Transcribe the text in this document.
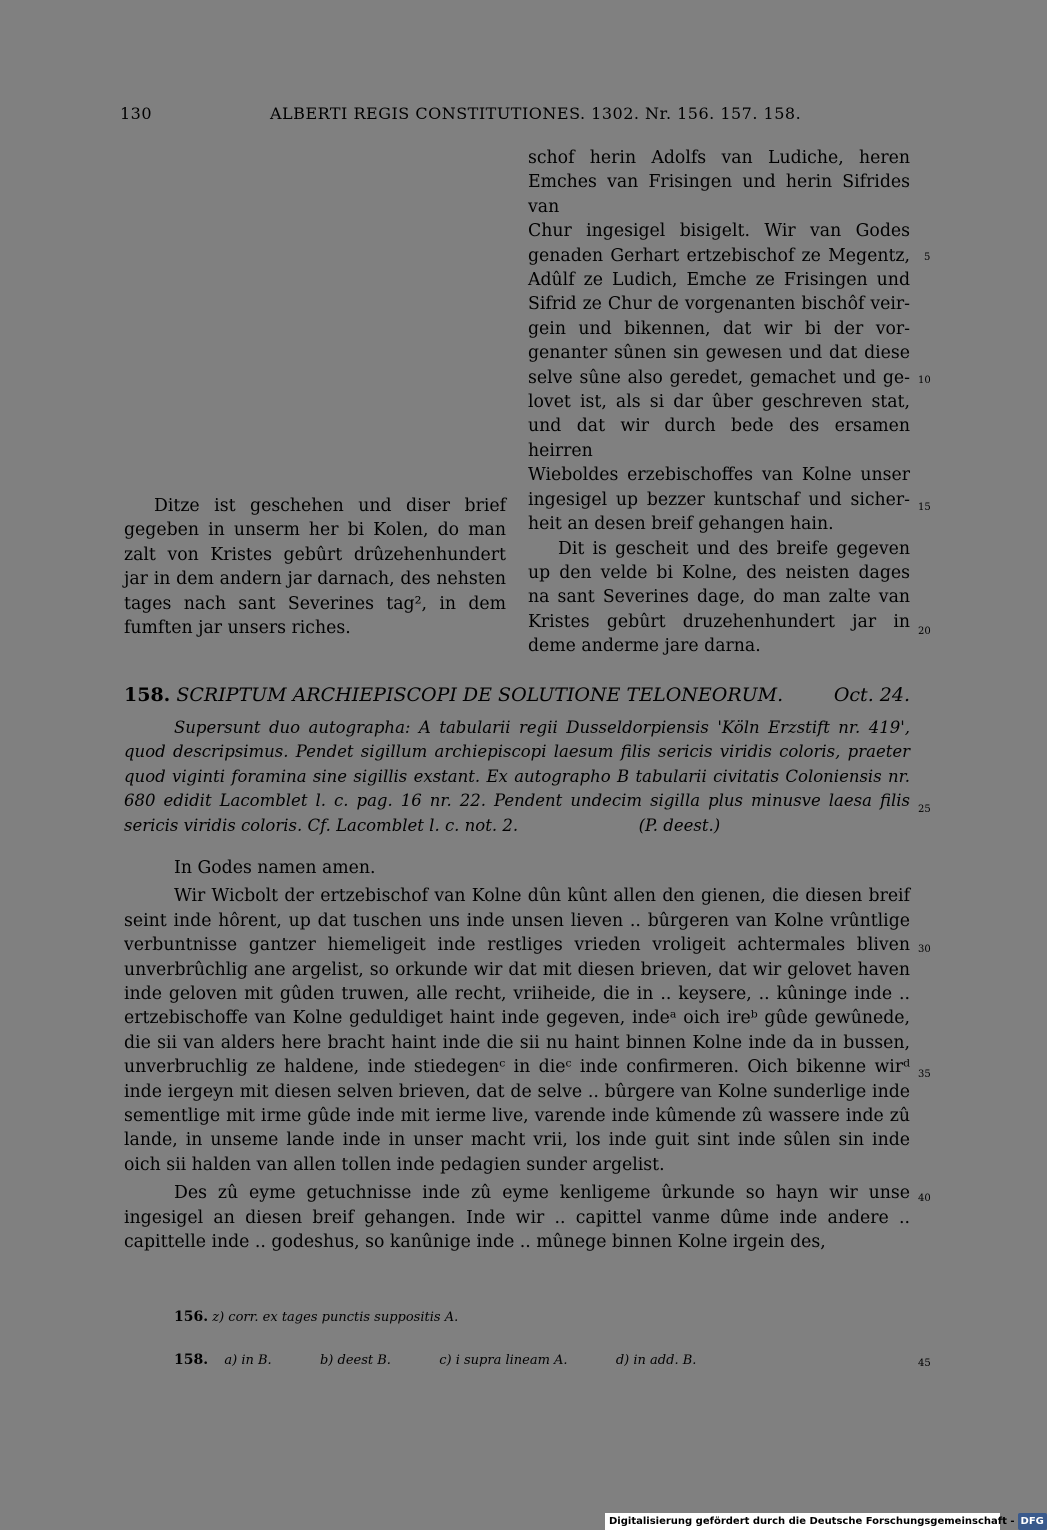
130	ALBERTI REGIS CONSTITUTIONES. 1302. Nr. 156. 157. 158.
schof herin Adolfs van Ludiche, heren
Emches van Frisingen und herin Sifrides van
Chur ingesigel bisigelt. Wir van Godes
genaden Gerhart ertzebischof ze Megentz,
Adûlf ze Ludich, Emche ze Frisingen und
Sifrid ze Chur de vorgenanten bischôf veir-
gein und bikennen, dat wir bi der vor-
genanter sûnen sin gewesen und dat diese
selve sûne also geredet, gemachet und ge-
lovet ist, als si dar ûber geschreven stat,
und dat wir durch bede des ersamen heirren
Wieboldes erzebischoffes van Kolne unser
ingesigel up bezzer kuntschaf und sicher-
heit an desen breif gehangen hain.

Dit is gescheit und des breife gegeven up den velde bi Kolne, des neisten dages na sant Severines dage, do man zalte van Kristes gebûrt druzehenhundert jar in deme anderme jare darna.

Ditze ist geschehen und diser brief gegeben in unserm her bi Kolen, do man zalt von Kristes gebûrt drûzehenhundert jar in dem andern jar darnach, des nehsten tages nach sant Severines tag², in dem fumften jar unsers riches.

5
10
15
20
25
30
35
40
45
158. SCRIPTUM ARCHIEPISCOPI DE SOLUTIONE TELONEORUM.	Oct. 24.

Supersunt duo autographa: A tabularii regii Dusseldorpiensis 'Köln Erzstift nr. 419', quod descripsimus. Pendet sigillum archiepiscopi laesum filis sericis viridis coloris, praeter quod viginti foramina sine sigillis exstant. Ex autographo B tabularii civitatis Coloniensis nr. 680 edidit Lacomblet l. c. pag. 16 nr. 22. Pendent undecim sigilla plus minusve laesa filis sericis viridis coloris. Cf. Lacomblet l. c. not. 2.	(P. deest.)

In Godes namen amen.

Wir Wicbolt der ertzebischof van Kolne dûn kûnt allen den gienen, die diesen breif seint inde hôrent, up dat tuschen uns inde unsen lieven .. bûrgeren van Kolne vrûntlige verbuntnisse gantzer hiemeligeit inde restliges vrieden vroligeit achtermales bliven unverbrûchlig ane argelist, so orkunde wir dat mit diesen brieven, dat wir gelovet haven inde geloven mit gûden truwen, alle recht, vriiheide, die in .. keysere, .. kûninge inde .. ertzebischoffe van Kolne geduldiget haint inde gegeven, indeᵃ oich ireᵇ gûde gewûnede, die sii van alders here bracht haint inde die sii nu haint binnen Kolne inde da in bussen, unverbruchlig ze haldene, inde stiedegenᶜ in dieᶜ inde confirmeren. Oich bikenne wirᵈ inde iergeyn mit diesen selven brieven, dat de selve .. bûrgere van Kolne sunderlige inde sementlige mit irme gûde inde mit ierme live, varende inde kûmende zû wassere inde zû lande, in unseme lande inde in unser macht vrii, los inde guit sint inde sûlen sin inde oich sii halden van allen tollen inde pedagien sunder argelist.

Des zû eyme getuchnisse inde zû eyme kenligeme ûrkunde so hayn wir unse ingesigel an diesen breif gehangen. Inde wir .. capittel vanme dûme inde andere .. capittelle inde .. godeshus, so kanûnige inde .. mûnege binnen Kolne irgein des,

156. z) corr. ex tages punctis suppositis A.
158. a) in B.	b) deest B.	c) i supra lineam A.	d) in add. B.
Digitalisierung gefördert durch die Deutsche Forschungsgemeinschaft - DFG
